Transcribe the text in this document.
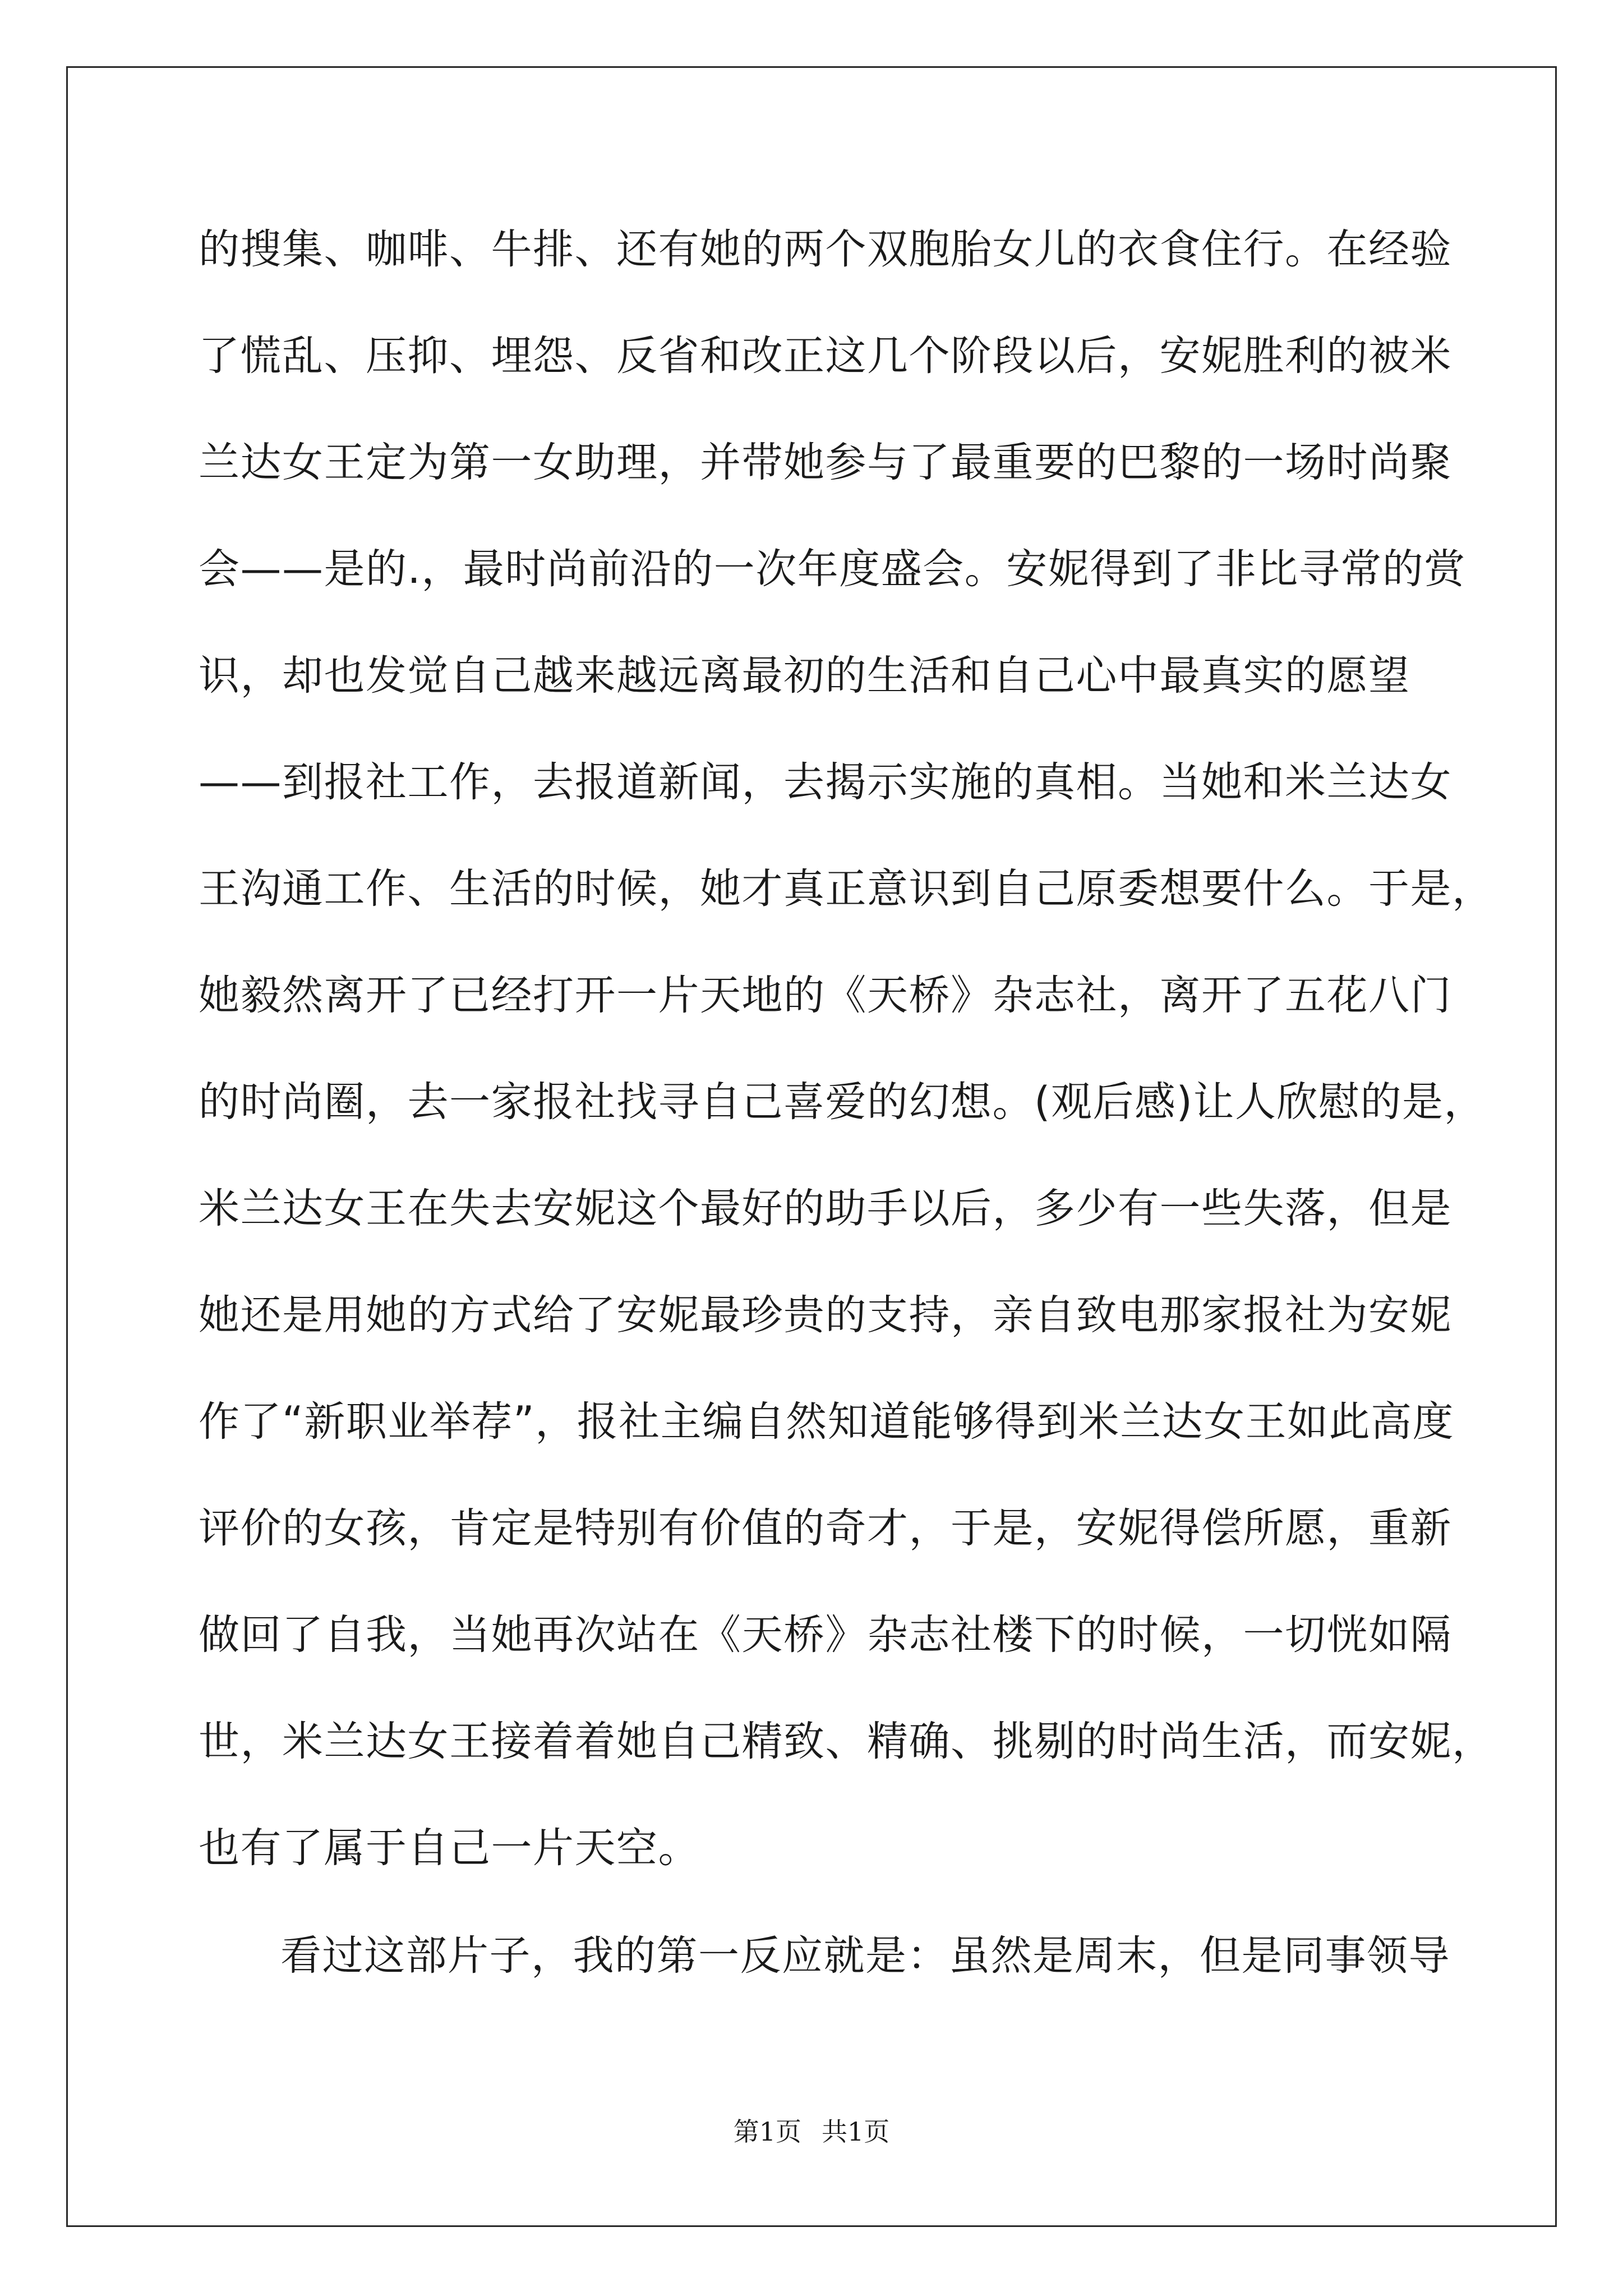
的搜集、咖啡、牛排、还有她的两个双胞胎女儿的衣食住行。在经验
了慌乱、压抑、埋怨、反省和改正这几个阶段以后，安妮胜利的被米
兰达女王定为第一女助理，并带她参与了最重要的巴黎的一场时尚聚
会——是的.，最时尚前沿的一次年度盛会。安妮得到了非比寻常的赏
识，却也发觉自己越来越远离最初的生活和自己心中最真实的愿望
——到报社工作，去报道新闻，去揭示实施的真相。当她和米兰达女
王沟通工作、生活的时候，她才真正意识到自己原委想要什么。于是，
她毅然离开了已经打开一片天地的《天桥》杂志社，离开了五花八门
的时尚圈，去一家报社找寻自己喜爱的幻想。(观后感)让人欣慰的是，
米兰达女王在失去安妮这个最好的助手以后，多少有一些失落，但是
她还是用她的方式给了安妮最珍贵的支持，亲自致电那家报社为安妮
作了“新职业举荐”，报社主编自然知道能够得到米兰达女王如此高度
评价的女孩，肯定是特别有价值的奇才，于是，安妮得偿所愿，重新
做回了自我，当她再次站在《天桥》杂志社楼下的时候，一切恍如隔
世，米兰达女王接着着她自己精致、精确、挑剔的时尚生活，而安妮，
也有了属于自己一片天空。
看过这部片子，我的第一反应就是：虽然是周末，但是同事领导
第1页 共1页
